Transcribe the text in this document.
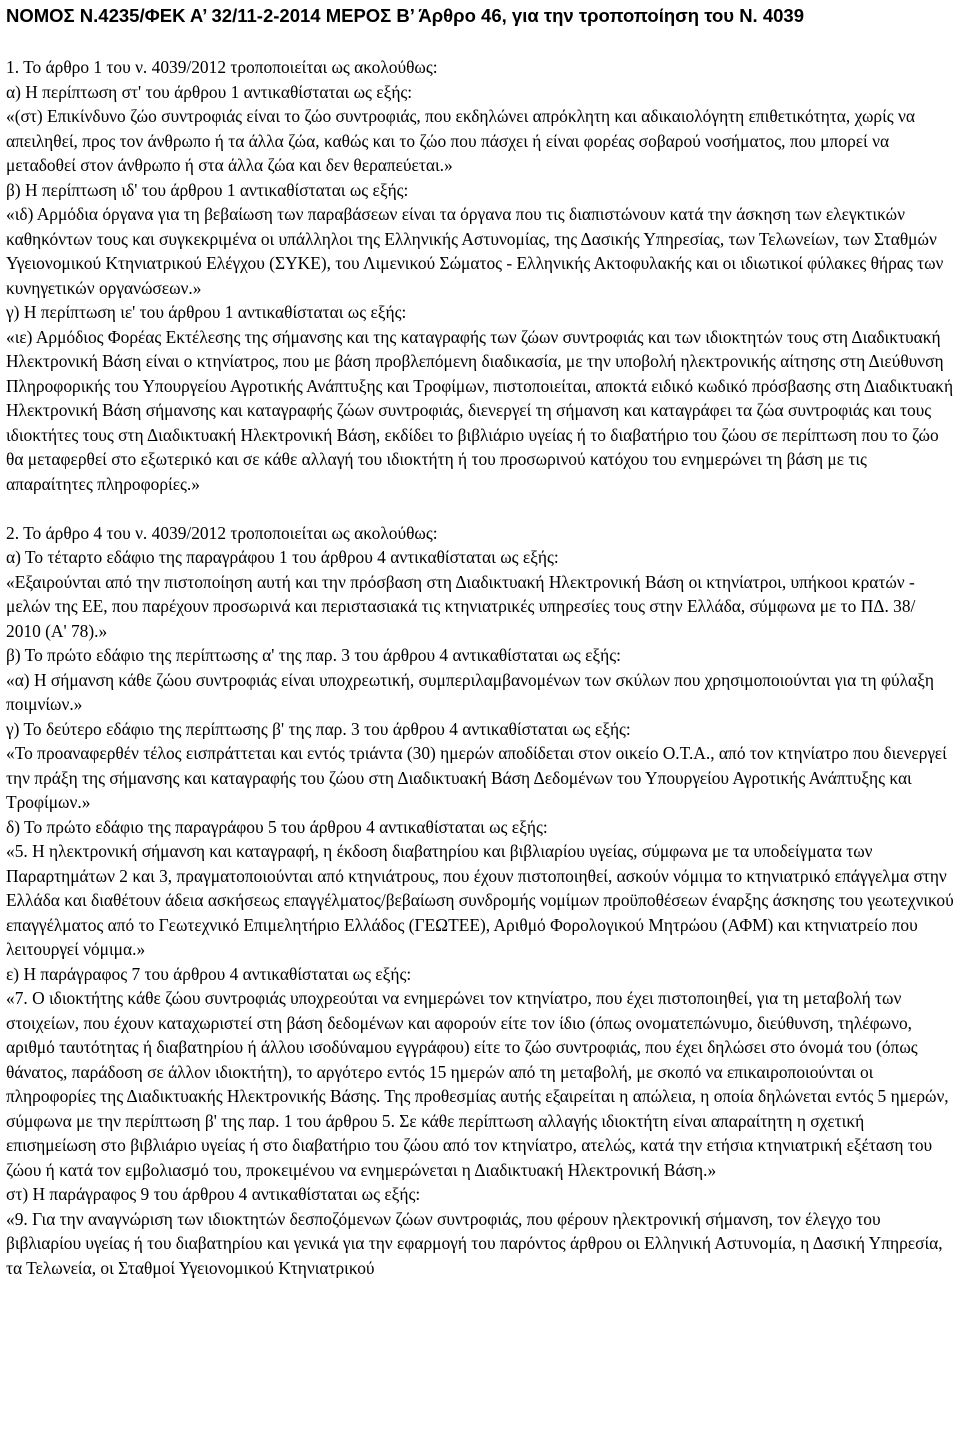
ΝΟΜΟΣ Ν.4235/ΦΕΚ Α’ 32/11-2-2014 ΜΕΡΟΣ Β’ Άρθρο 46, για την τροποποίηση του Ν. 4039

1. Το άρθρο 1 του ν. 4039/2012 τροποποιείται ως ακολούθως:

α) Η περίπτωση στ' του άρθρου 1 αντικαθίσταται ως εξής:

«(στ) Επικίνδυνο ζώο συντροφιάς είναι το ζώο συντροφιάς, που εκδηλώνει απρόκλητη και αδικαιολόγητη επιθετικότητα, χωρίς να απειληθεί, προς τον άνθρωπο ή τα άλλα ζώα, καθώς και το ζώο που πάσχει ή είναι φορέας σοβαρού νοσήματος, που μπορεί να μεταδοθεί στον άνθρωπο ή στα άλλα ζώα και δεν θεραπεύεται.»

β) Η περίπτωση ιδ' του άρθρου 1 αντικαθίσταται ως εξής:

«ιδ) Αρμόδια όργανα για τη βεβαίωση των παραβάσεων είναι τα όργανα που τις διαπιστώνουν κατά την άσκηση των ελεγκτικών καθηκόντων τους και συγκεκριμένα οι υπάλληλοι της Ελληνικής Αστυνομίας, της Δασικής Υπηρεσίας, των Τελωνείων, των Σταθμών Υγειονομικού Κτηνιατρικού Ελέγχου (ΣΥΚΕ), του Λιμενικού Σώματος - Ελληνικής Ακτοφυλακής και οι ιδιωτικοί φύλακες θήρας των κυνηγετικών οργανώσεων.»

γ) Η περίπτωση ιε' του άρθρου 1 αντικαθίσταται ως εξής:

«ιε) Αρμόδιος Φορέας Εκτέλεσης της σήμανσης και της καταγραφής των ζώων συντροφιάς και των ιδιοκτητών τους στη Διαδικτυακή Ηλεκτρονική Βάση είναι ο κτηνίατρος, που με βάση προβλεπόμενη διαδικασία, με την υποβολή ηλεκτρονικής αίτησης στη Διεύθυνση Πληροφορικής του Υπουργείου Αγροτικής Ανάπτυξης και Τροφίμων, πιστοποιείται, αποκτά ειδικό κωδικό πρόσβασης στη Διαδικτυακή Ηλεκτρονική Βάση σήμανσης και καταγραφής ζώων συντροφιάς, διενεργεί τη σήμανση και καταγράφει τα ζώα συντροφιάς και τους ιδιοκτήτες τους στη Διαδικτυακή Ηλεκτρονική Βάση, εκδίδει το βιβλιάριο υγείας ή το διαβατήριο του ζώου σε περίπτωση που το ζώο θα μεταφερθεί στο εξωτερικό και σε κάθε αλλαγή του ιδιοκτήτη ή του προσωρινού κατόχου του ενημερώνει τη βάση με τις απαραίτητες πληροφορίες.»

2. Το άρθρο 4 του ν. 4039/2012 τροποποιείται ως ακολούθως:

α) Το τέταρτο εδάφιο της παραγράφου 1 του άρθρου 4 αντικαθίσταται ως εξής:

«Εξαιρούνται από την πιστοποίηση αυτή και την πρόσβαση στη Διαδικτυακή Ηλεκτρονική Βάση οι κτηνίατροι, υπήκοοι κρατών - μελών της ΕΕ, που παρέχουν προσωρινά και περιστασιακά τις κτηνιατρικές υπηρεσίες τους στην Ελλάδα, σύμφωνα με το ΠΔ. 38/ 2010 (Α' 78).»

β) Το πρώτο εδάφιο της περίπτωσης α' της παρ. 3 του άρθρου 4 αντικαθίσταται ως εξής:

«α) Η σήμανση κάθε ζώου συντροφιάς είναι υποχρεωτική, συμπεριλαμβανομένων των σκύλων που χρησιμοποιούνται για τη φύλαξη ποιμνίων.»

γ) Το δεύτερο εδάφιο της περίπτωσης β' της παρ. 3 του άρθρου 4 αντικαθίσταται ως εξής:

«Το προαναφερθέν τέλος εισπράττεται και εντός τριάντα (30) ημερών αποδίδεται στον οικείο Ο.Τ.Α., από τον κτηνίατρο που διενεργεί την πράξη της σήμανσης και καταγραφής του ζώου στη Διαδικτυακή Βάση Δεδομένων του Υπουργείου Αγροτικής Ανάπτυξης και Τροφίμων.»

δ) Το πρώτο εδάφιο της παραγράφου 5 του άρθρου 4 αντικαθίσταται ως εξής:

«5. Η ηλεκτρονική σήμανση και καταγραφή, η έκδοση διαβατηρίου και βιβλιαρίου υγείας, σύμφωνα με τα υποδείγματα των Παραρτημάτων 2 και 3, πραγματοποιούνται από κτηνιάτρους, που έχουν πιστοποιηθεί, ασκούν νόμιμα το κτηνιατρικό επάγγελμα στην Ελλάδα και διαθέτουν άδεια ασκήσεως επαγγέλματος/βεβαίωση συνδρομής νομίμων προϋποθέσεων έναρξης άσκησης του γεωτεχνικού επαγγέλματος από το Γεωτεχνικό Επιμελητήριο Ελλάδος (ΓΕΩΤΕΕ), Αριθμό Φορολογικού Μητρώου (ΑΦΜ) και κτηνιατρείο που λειτουργεί νόμιμα.»

ε) Η παράγραφος 7 του άρθρου 4 αντικαθίσταται ως εξής:

«7. Ο ιδιοκτήτης κάθε ζώου συντροφιάς υποχρεούται να ενημερώνει τον κτηνίατρο, που έχει πιστοποιηθεί, για τη μεταβολή των στοιχείων, που έχουν καταχωριστεί στη βάση δεδομένων και αφορούν είτε τον ίδιο (όπως ονοματεπώνυμο, διεύθυνση, τηλέφωνο, αριθμό ταυτότητας ή διαβατηρίου ή άλλου ισοδύναμου εγγράφου) είτε το ζώο συντροφιάς, που έχει δηλώσει στο όνομά του (όπως θάνατος, παράδοση σε άλλον ιδιοκτήτη), το αργότερο εντός 15 ημερών από τη μεταβολή, με σκοπό να επικαιροποιούνται οι πληροφορίες της Διαδικτυακής Ηλεκτρονικής Βάσης. Της προθεσμίας αυτής εξαιρείται η απώλεια, η οποία δηλώνεται εντός 5 ημερών, σύμφωνα με την περίπτωση β' της παρ. 1 του άρθρου 5. Σε κάθε περίπτωση αλλαγής ιδιοκτήτη είναι απαραίτητη η σχετική επισημείωση στο βιβλιάριο υγείας ή στο διαβατήριο του ζώου από τον κτηνίατρο, ατελώς, κατά την ετήσια κτηνιατρική εξέταση του ζώου ή κατά τον εμβολιασμό του, προκειμένου να ενημερώνεται η Διαδικτυακή Ηλεκτρονική Βάση.»

στ) Η παράγραφος 9 του άρθρου 4 αντικαθίσταται ως εξής:

«9. Για την αναγνώριση των ιδιοκτητών δεσποζόμενων ζώων συντροφιάς, που φέρουν ηλεκτρονική σήμανση, τον έλεγχο του βιβλιαρίου υγείας ή του διαβατηρίου και γενικά για την εφαρμογή του παρόντος άρθρου οι Ελληνική Αστυνομία, η Δασική Υπηρεσία, τα Τελωνεία, οι Σταθμοί Υγειονομικού Κτηνιατρικού
